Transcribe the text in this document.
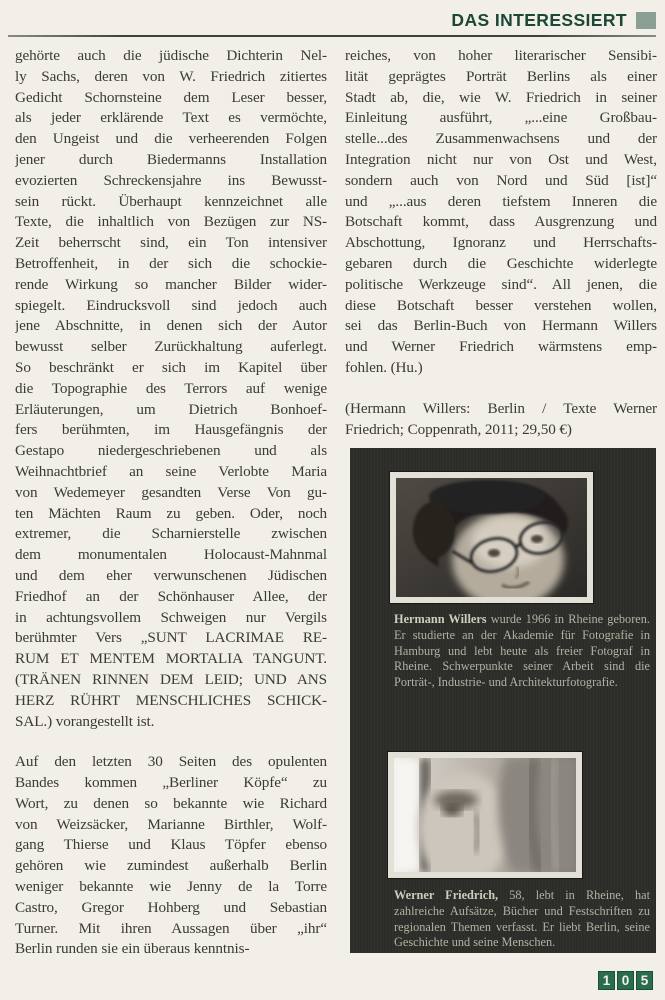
DAS INTERESSIERT
gehörte auch die jüdische Dichterin Nel-
ly Sachs, deren von W. Friedrich zitiertes
Gedicht Schornsteine dem Leser besser,
als jeder erklärende Text es vermöchte,
den Ungeist und die verheerenden Folgen
jener durch Biedermanns Installation
evozierten Schreckensjahre ins Bewusst-
sein rückt. Überhaupt kennzeichnet alle
Texte, die inhaltlich von Bezügen zur NS-
Zeit beherrscht sind, ein Ton intensiver
Betroffenheit, in der sich die schockie-
rende Wirkung so mancher Bilder wider-
spiegelt. Eindrucksvoll sind jedoch auch
jene Abschnitte, in denen sich der Autor
bewusst selber Zurückhaltung auferlegt.
So beschränkt er sich im Kapitel über
die Topographie des Terrors auf wenige
Erläuterungen, um Dietrich Bonhoef-
fers berühmten, im Hausgefängnis der
Gestapo niedergeschriebenen und als
Weihnachtbrief an seine Verlobte Maria
von Wedemeyer gesandten Verse Von gu-
ten Mächten Raum zu geben. Oder, noch
extremer, die Scharnierstelle zwischen
dem monumentalen Holocaust-Mahnmal
und dem eher verwunschenen Jüdischen
Friedhof an der Schönhauser Allee, der
in achtungsvollem Schweigen nur Vergils
berühmter Vers „SUNT LACRIMAE RE-
RUM ET MENTEM MORTALIA TANGUNT.
(TRÄNEN RINNEN DEM LEID; UND ANS
HERZ RÜHRT MENSCHLICHES SCHICK-
SAL.) vorangestellt ist.
Auf den letzten 30 Seiten des opulenten
Bandes kommen „Berliner Köpfe“ zu
Wort, zu denen so bekannte wie Richard
von Weizsäcker, Marianne Birthler, Wolf-
gang Thierse und Klaus Töpfer ebenso
gehören wie zumindest außerhalb Berlin
weniger bekannte wie Jenny de la Torre
Castro, Gregor Hohberg und Sebastian
Turner. Mit ihren Aussagen über „ihr“
Berlin runden sie ein überaus kenntnis-
reiches, von hoher literarischer Sensibi-
lität geprägtes Porträt Berlins als einer
Stadt ab, die, wie W. Friedrich in seiner
Einleitung ausführt, „...eine Großbau-
stelle...des Zusammenwachsens und der
Integration nicht nur von Ost und West,
sondern auch von Nord und Süd [ist]“
und „...aus deren tiefstem Inneren die
Botschaft kommt, dass Ausgrenzung und
Abschottung, Ignoranz und Herrschafts-
gebaren durch die Geschichte widerlegte
politische Werkzeuge sind“. All jenen, die
diese Botschaft besser verstehen wollen,
sei das Berlin-Buch von Hermann Willers
und Werner Friedrich wärmstens emp-
fohlen. (Hu.)
(Hermann Willers: Berlin / Texte Werner
Friedrich; Coppenrath, 2011; 29,50 €)

Hermann Willers wurde 1966 in Rheine geboren. Er studierte an der Akademie für Fotografie in Hamburg und lebt heute als freier Fotograf in Rheine. Schwerpunkte seiner Arbeit sind die Porträt-, Industrie- und Architekturfotografie.

Werner Friedrich, 58, lebt in Rheine, hat zahlreiche Aufsätze, Bücher und Festschriften zu regionalen Themen verfasst. Er liebt Berlin, seine Geschichte und seine Menschen.

1 0 5
